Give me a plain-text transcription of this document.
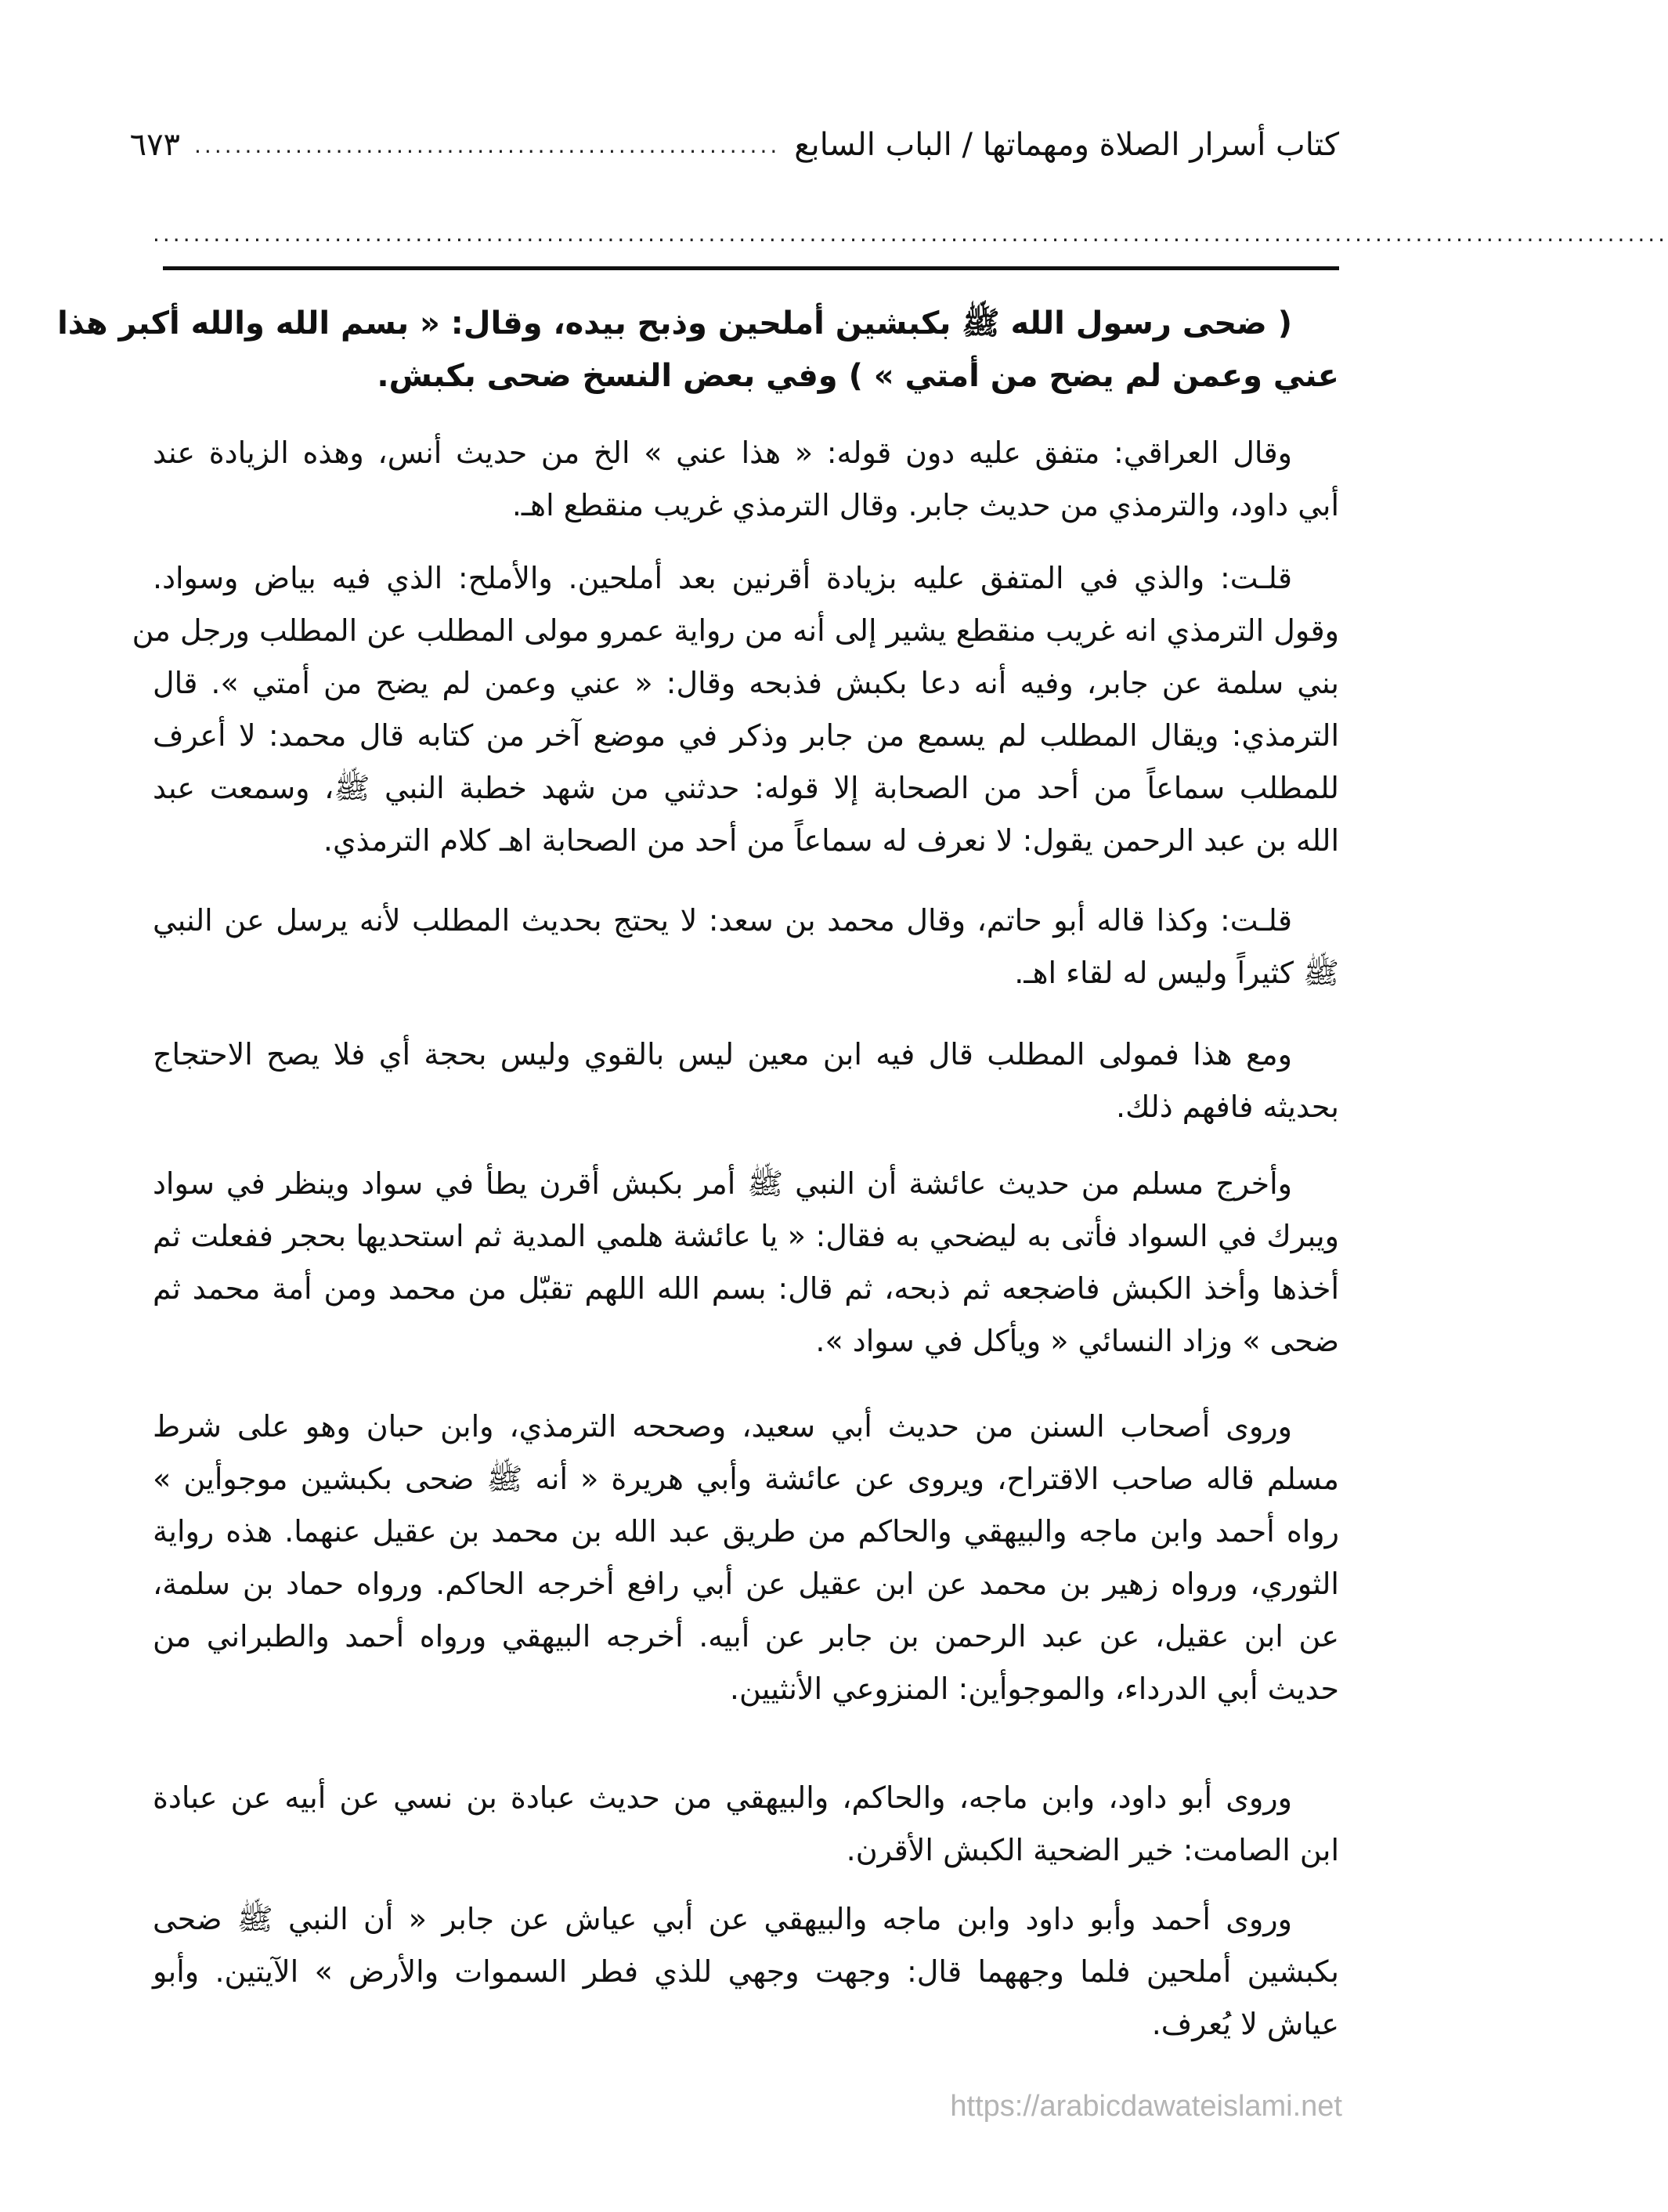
كتاب أسرار الصلاة ومهماتها / الباب السابع
..........................................................
٦٧٣
......................................................................................................................................................
( ضحى رسول الله ﷺ بكبشين أملحين وذبح بيده، وقال: « بسم الله والله أكبر هذا
عني وعمن لم يضح من أمتي » ) وفي بعض النسخ ضحى بكبش.
وقال العراقي: متفق عليه دون قوله: « هذا عني » الخ من حديث أنس، وهذه الزيادة عند
أبي داود، والترمذي من حديث جابر. وقال الترمذي غريب منقطع اهـ.
قلـت: والذي في المتفق عليه بزيادة أقرنين بعد أملحين. والأملح: الذي فيه بياض وسواد.
وقول الترمذي انه غريب منقطع يشير إلى أنه من رواية عمرو مولى المطلب عن المطلب ورجل من
بني سلمة عن جابر، وفيه أنه دعا بكبش فذبحه وقال: « عني وعمن لم يضح من أمتي ». قال
الترمذي: ويقال المطلب لم يسمع من جابر وذكر في موضع آخر من كتابه قال محمد: لا أعرف
للمطلب سماعاً من أحد من الصحابة إلا قوله: حدثني من شهد خطبة النبي ﷺ، وسمعت عبد
الله بن عبد الرحمن يقول: لا نعرف له سماعاً من أحد من الصحابة اهـ كلام الترمذي.
قلـت: وكذا قاله أبو حاتم، وقال محمد بن سعد: لا يحتج بحديث المطلب لأنه يرسل عن النبي
ﷺ كثيراً وليس له لقاء اهـ.
ومع هذا فمولى المطلب قال فيه ابن معين ليس بالقوي وليس بحجة أي فلا يصح الاحتجاج
بحديثه فافهم ذلك.
وأخرج مسلم من حديث عائشة أن النبي ﷺ أمر بكبش أقرن يطأ في سواد وينظر في سواد
ويبرك في السواد فأتى به ليضحي به فقال: « يا عائشة هلمي المدية ثم استحديها بحجر ففعلت ثم
أخذها وأخذ الكبش فاضجعه ثم ذبحه، ثم قال: بسم الله اللهم تقبّل من محمد ومن أمة محمد ثم
ضحى » وزاد النسائي « ويأكل في سواد ».
وروى أصحاب السنن من حديث أبي سعيد، وصححه الترمذي، وابن حبان وهو على شرط
مسلم قاله صاحب الاقتراح، ويروى عن عائشة وأبي هريرة « أنه ﷺ ضحى بكبشين موجوأين »
رواه أحمد وابن ماجه والبيهقي والحاكم من طريق عبد الله بن محمد بن عقيل عنهما. هذه رواية
الثوري، ورواه زهير بن محمد عن ابن عقيل عن أبي رافع أخرجه الحاكم. ورواه حماد بن سلمة،
عن ابن عقيل، عن عبد الرحمن بن جابر عن أبيه. أخرجه البيهقي ورواه أحمد والطبراني من
حديث أبي الدرداء، والموجوأين: المنزوعي الأنثيين.
وروى أبو داود، وابن ماجه، والحاكم، والبيهقي من حديث عبادة بن نسي عن أبيه عن عبادة
ابن الصامت: خير الضحية الكبش الأقرن.
وروى أحمد وأبو داود وابن ماجه والبيهقي عن أبي عياش عن جابر « أن النبي ﷺ ضحى
بكبشين أملحين فلما وجههما قال: وجهت وجهي للذي فطر السموات والأرض » الآيتين. وأبو
عياش لا يُعرف.
https://arabicdawateislami.net
